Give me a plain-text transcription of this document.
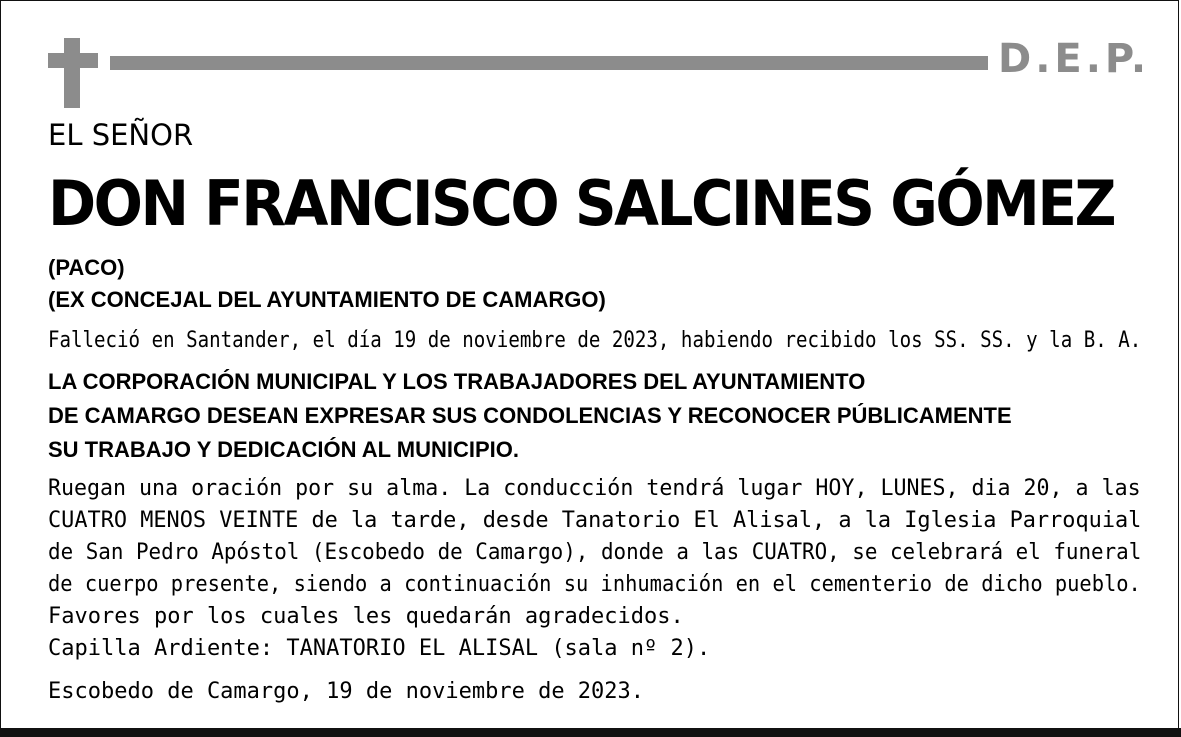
D.E.P.

EL SEÑOR

DON FRANCISCO SALCINES GÓMEZ

(PACO)

(EX CONCEJAL DEL AYUNTAMIENTO DE CAMARGO)

Falleció en Santander, el día 19 de noviembre de 2023, habiendo recibido los SS. SS. y la B. A.

LA CORPORACIÓN MUNICIPAL Y LOS TRABAJADORES DEL AYUNTAMIENTO

DE CAMARGO DESEAN EXPRESAR SUS CONDOLENCIAS Y RECONOCER PÚBLICAMENTE

SU TRABAJO Y DEDICACIÓN AL MUNICIPIO.

Ruegan una oración por su alma. La conducción tendrá lugar HOY, LUNES, dia 20, a las

CUATRO MENOS VEINTE de la tarde, desde Tanatorio El Alisal, a la Iglesia Parroquial

de San Pedro Apóstol (Escobedo de Camargo), donde a las CUATRO, se celebrará el funeral

de cuerpo presente, siendo a continuación su inhumación en el cementerio de dicho pueblo.

Favores por los cuales les quedarán agradecidos.

Capilla Ardiente: TANATORIO EL ALISAL (sala nº 2).

Escobedo de Camargo, 19 de noviembre de 2023.
